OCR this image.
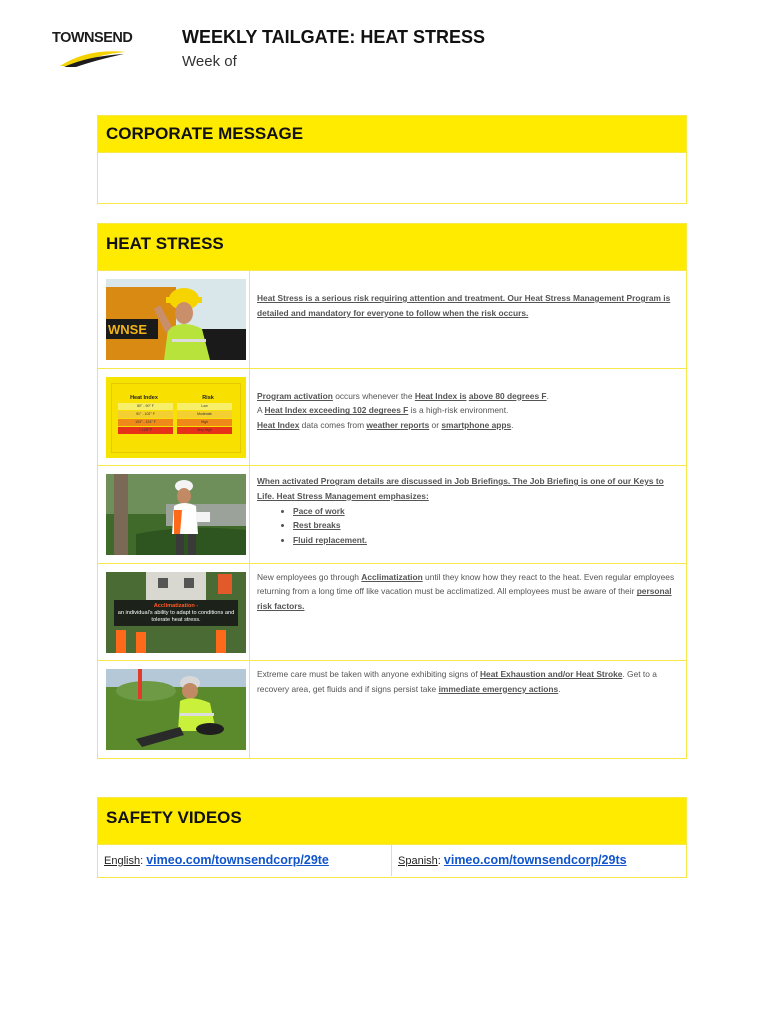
TOWNSEND	WEEKLY TAILGATE: HEAT STRESS
Week of
CORPORATE MESSAGE
HEAT STRESS
WNSE
Heat Stress is a serious risk requiring attention and treatment. Our Heat Stress Management Program is detailed and mandatory for everyone to follow when the risk occurs.
Heat Index	Risk
80° - 90° F	Low
91° - 102° F	Moderate
103° - 124° F	High
> 125° F	Very High
Program activation occurs whenever the Heat Index is above 80 degrees F.
A Heat Index exceeding 102 degrees F is a high-risk environment.
Heat Index data comes from weather reports or smartphone apps.
When activated Program details are discussed in Job Briefings. The Job Briefing is one of our Keys to Life. Heat Stress Management emphasizes:
• Pace of work
• Rest breaks
• Fluid replacement.
Acclimatization -
an individual's ability to adapt to conditions and tolerate heat stress.
New employees go through Acclimatization until they know how they react to the heat. Even regular employees returning from a long time off like vacation must be acclimatized. All employees must be aware of their personal risk factors.
Extreme care must be taken with anyone exhibiting signs of Heat Exhaustion and/or Heat Stroke. Get to a recovery area, get fluids and if signs persist take immediate emergency actions.
SAFETY VIDEOS
English: vimeo.com/townsendcorp/29te	Spanish: vimeo.com/townsendcorp/29ts
